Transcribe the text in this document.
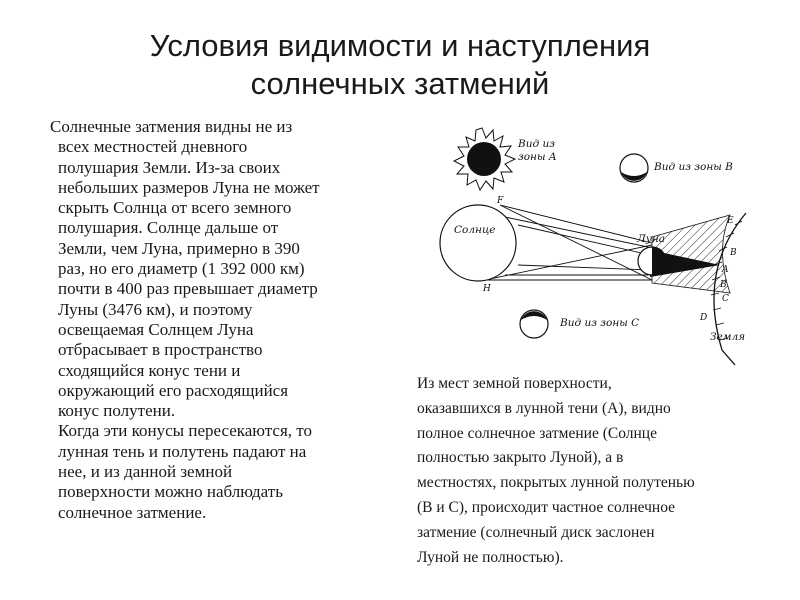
Условия видимости и наступления
солнечных затмений
Солнечные затмения видны не из
всех местностей дневного
полушария Земли. Из-за своих
небольших размеров Луна не может
скрыть Солнца от всего земного
полушария. Солнце дальше от
Земли, чем Луна, примерно в 390
раз, но его диаметр (1 392 000 км)
почти в 400 раз превышает диаметр
Луны (3476 км), и поэтому
освещаемая Солнцем Луна
отбрасывает в пространство
сходящийся конус тени и
окружающий его расходящийся
конус полутени.
Когда эти конусы пересекаются, то
лунная тень и полутень падают на
нее, и из данной земной
поверхности можно наблюдать
солнечное затмение.
Вид из
зоны A
Вид из зоны B
Солнце
Луна
Земля
Вид из зоны C
F
H
E
B
A
B
C
D
Из мест земной поверхности,
оказавшихся в лунной тени (А), видно
полное солнечное затмение (Солнце
полностью закрыто Луной), а в
местностях, покрытых лунной полутенью
(В и С), происходит частное солнечное
затмение (солнечный диск заслонен
Луной не полностью).
